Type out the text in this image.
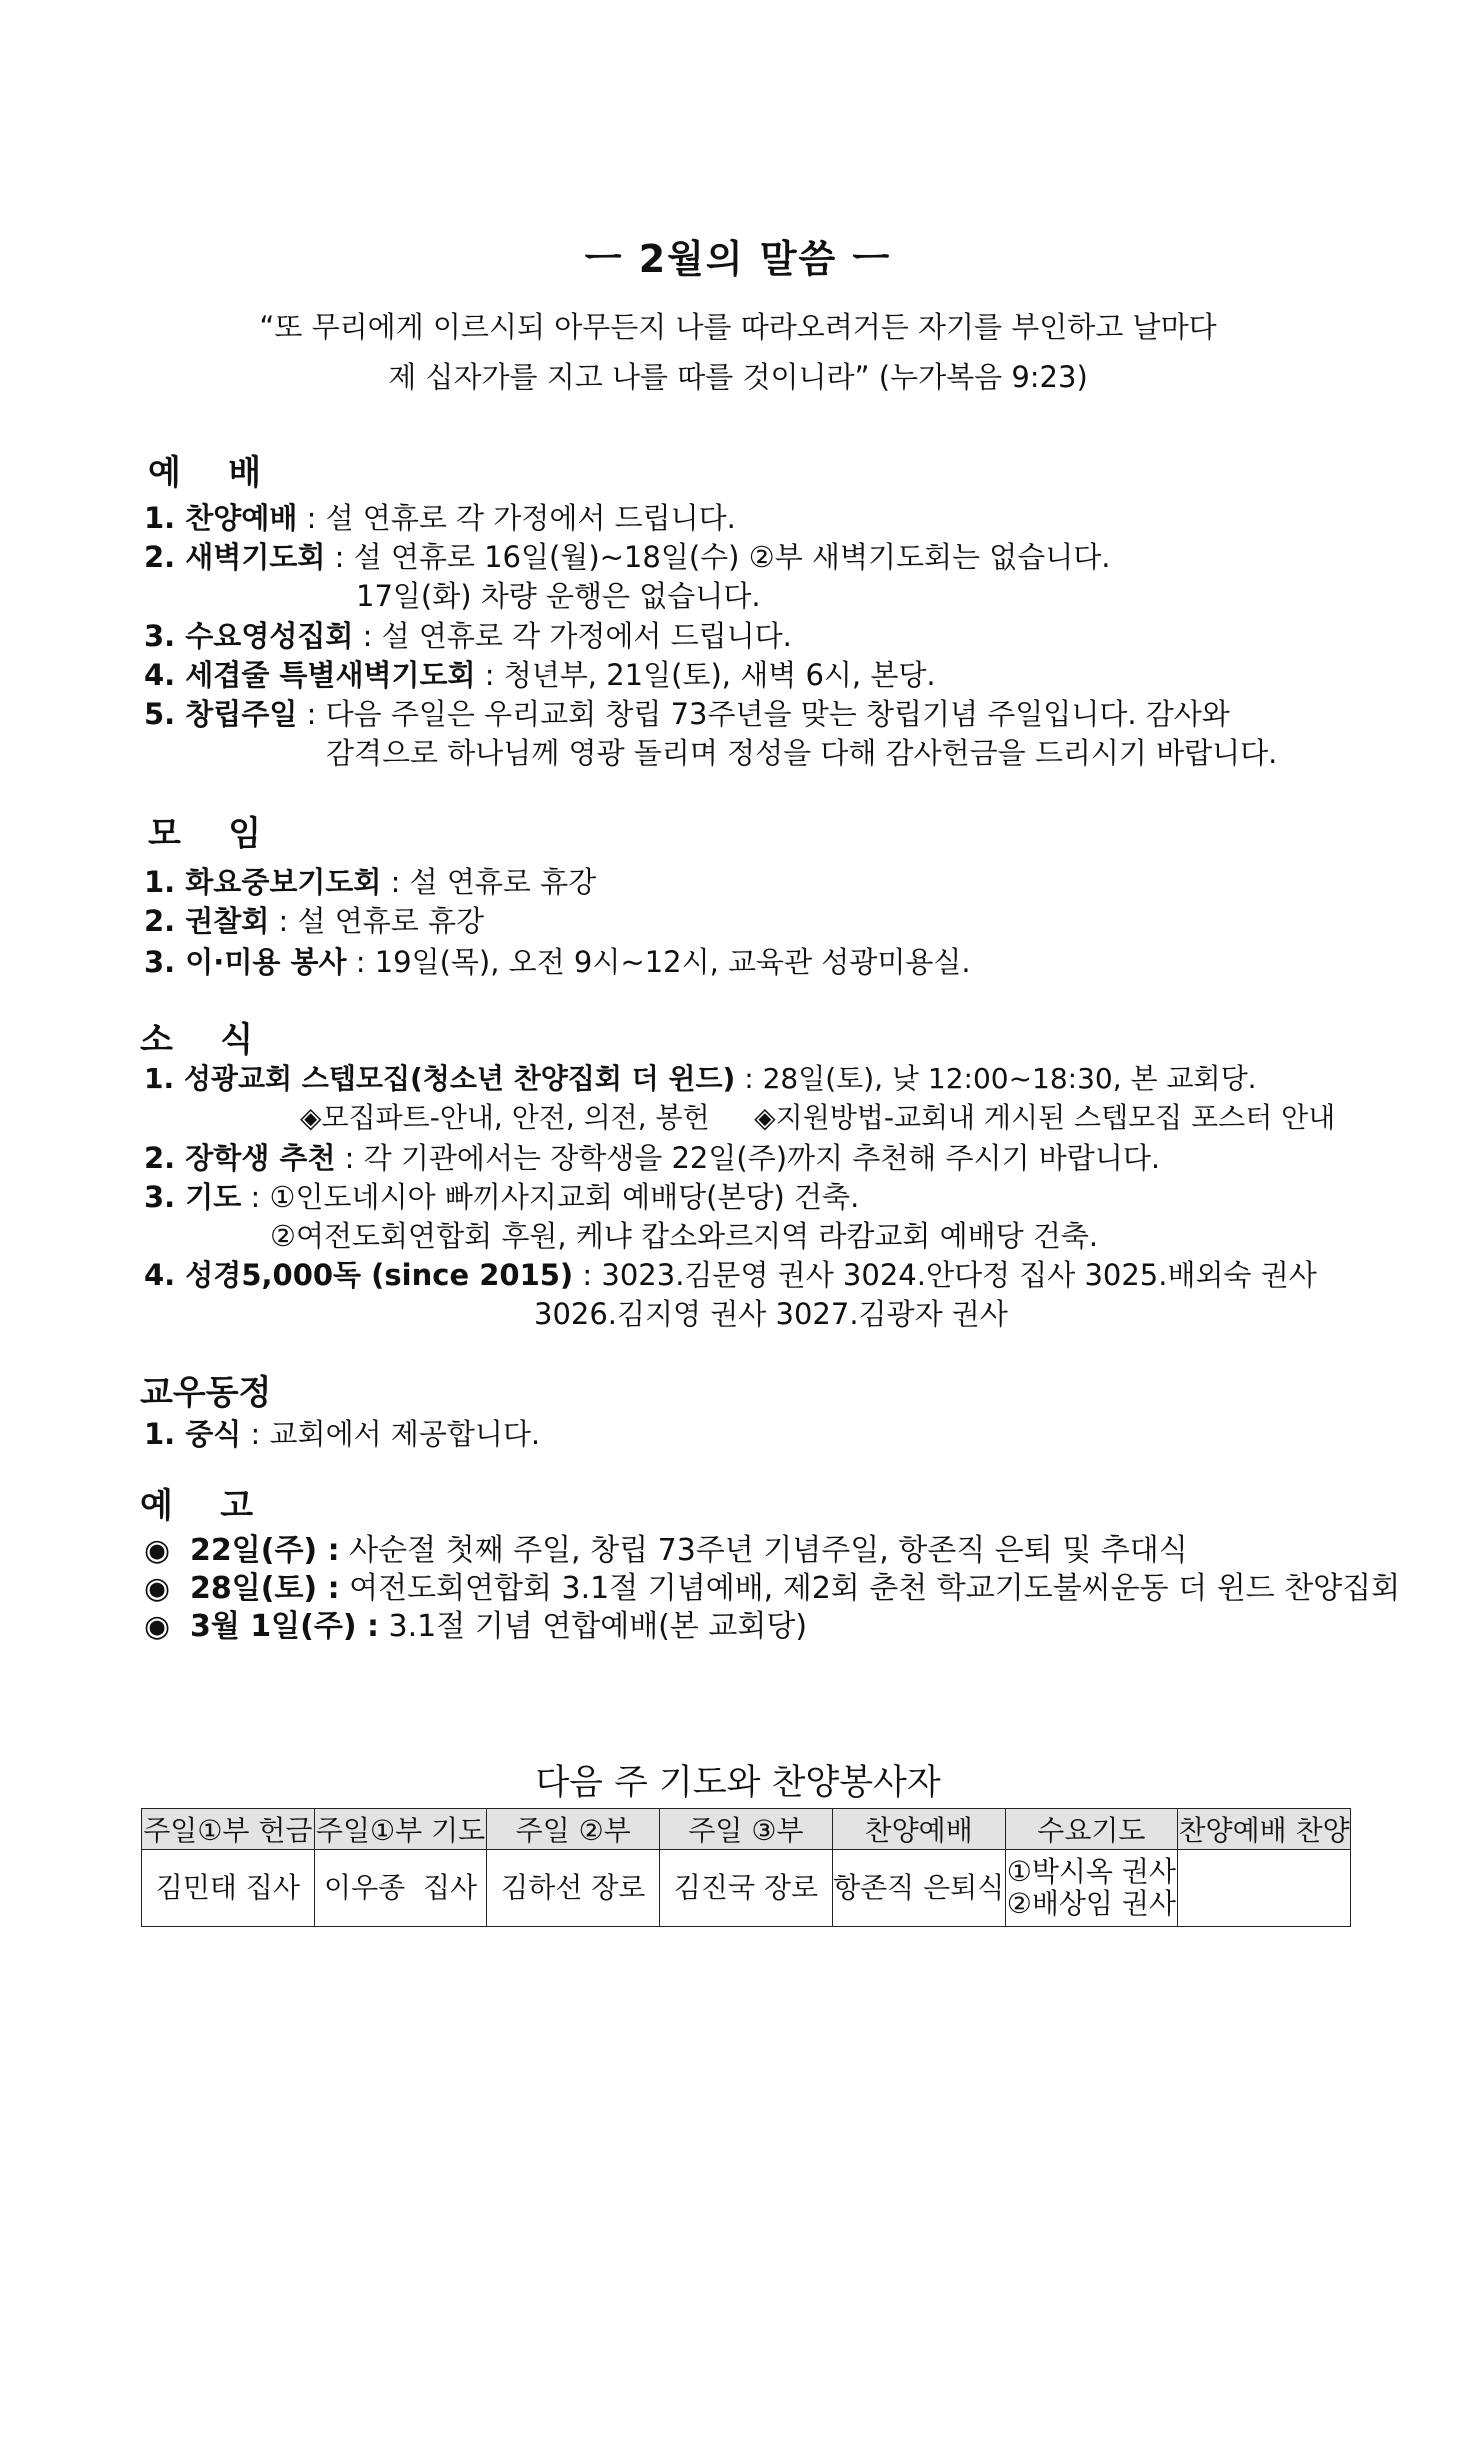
ㅡ 2월의 말씀 ㅡ
“또 무리에게 이르시되 아무든지 나를 따라오려거든 자기를 부인하고 날마다
제 십자가를 지고 나를 따를 것이니라” (누가복음 9:23)
예    배
1. 찬양예배 : 설 연휴로 각 가정에서 드립니다.
2. 새벽기도회 : 설 연휴로 16일(월)~18일(수) ②부 새벽기도회는 없습니다.
17일(화) 차량 운행은 없습니다.
3. 수요영성집회 : 설 연휴로 각 가정에서 드립니다.
4. 세겹줄 특별새벽기도회 : 청년부, 21일(토), 새벽 6시, 본당.
5. 창립주일 : 다음 주일은 우리교회 창립 73주년을 맞는 창립기념 주일입니다. 감사와
감격으로 하나님께 영광 돌리며 정성을 다해 감사헌금을 드리시기 바랍니다.
모    임
1. 화요중보기도회 : 설 연휴로 휴강
2. 권찰회 : 설 연휴로 휴강
3. 이·미용 봉사 : 19일(목), 오전 9시~12시, 교육관 성광미용실.
소    식
1. 성광교회 스텝모집(청소년 찬양집회 더 윈드) : 28일(토), 낮 12:00~18:30, 본 교회당.
◈모집파트-안내, 안전, 의전, 봉헌     ◈지원방법-교회내 게시된 스텝모집 포스터 안내
2. 장학생 추천 : 각 기관에서는 장학생을 22일(주)까지 추천해 주시기 바랍니다.
3. 기도 : ①인도네시아 빠끼사지교회 예배당(본당) 건축.
②여전도회연합회 후원, 케냐 캅소와르지역 라캄교회 예배당 건축.
4. 성경5,000독 (since 2015) : 3023.김문영 권사 3024.안다정 집사 3025.배외숙 권사
3026.김지영 권사 3027.김광자 권사
교우동정
1. 중식 : 교회에서 제공합니다.
예    고
◉ 22일(주) : 사순절 첫째 주일, 창립 73주년 기념주일, 항존직 은퇴 및 추대식
◉ 28일(토) : 여전도회연합회 3.1절 기념예배, 제2회 춘천 학교기도불씨운동 더 윈드 찬양집회
◉ 3월 1일(주) : 3.1절 기념 연합예배(본 교회당)
다음 주 기도와 찬양봉사자
주일①부 헌금	주일①부 기도	주일 ②부	주일 ③부	찬양예배	수요기도	찬양예배 찬양
김민태 집사	이우종  집사	김하선 장로	김진국 장로	항존직 은퇴식	①박시옥 권사
②배상임 권사	
